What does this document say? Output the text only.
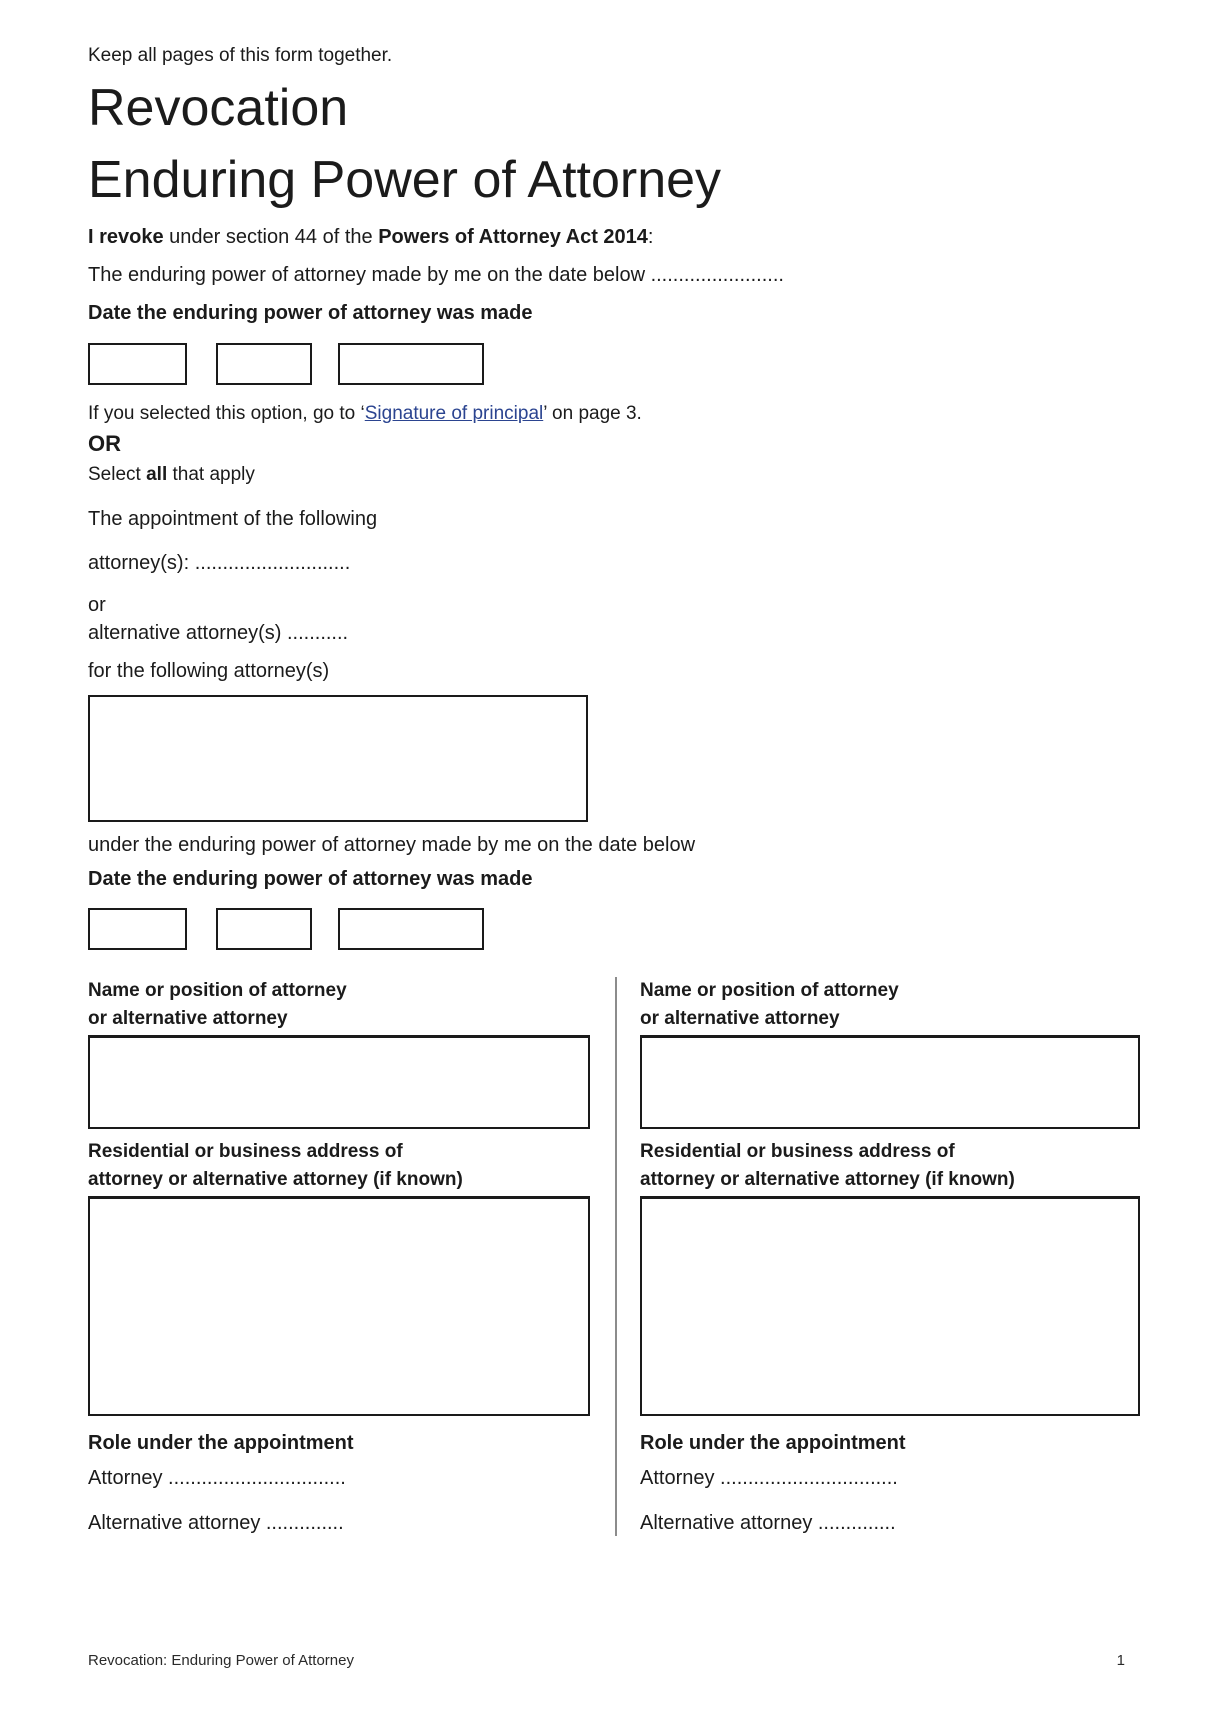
Keep all pages of this form together.

Revocation
Enduring Power of Attorney

I revoke under section 44 of the Powers of Attorney Act 2014:

The enduring power of attorney made by me on the date below ........................

Date the enduring power of attorney was made

If you selected this option, go to ‘Signature of principal’ on page 3.

OR

Select all that apply

The appointment of the following

attorney(s): ............................

or

alternative attorney(s) ...........

for the following attorney(s)

under the enduring power of attorney made by me on the date below

Date the enduring power of attorney was made

Name or position of attorney
or alternative attorney

Residential or business address of
attorney or alternative attorney (if known)

Role under the appointment

Attorney ................................

Alternative attorney ..............

Name or position of attorney
or alternative attorney

Residential or business address of
attorney or alternative attorney (if known)

Role under the appointment

Attorney ................................

Alternative attorney ..............

Revocation: Enduring Power of Attorney	1
